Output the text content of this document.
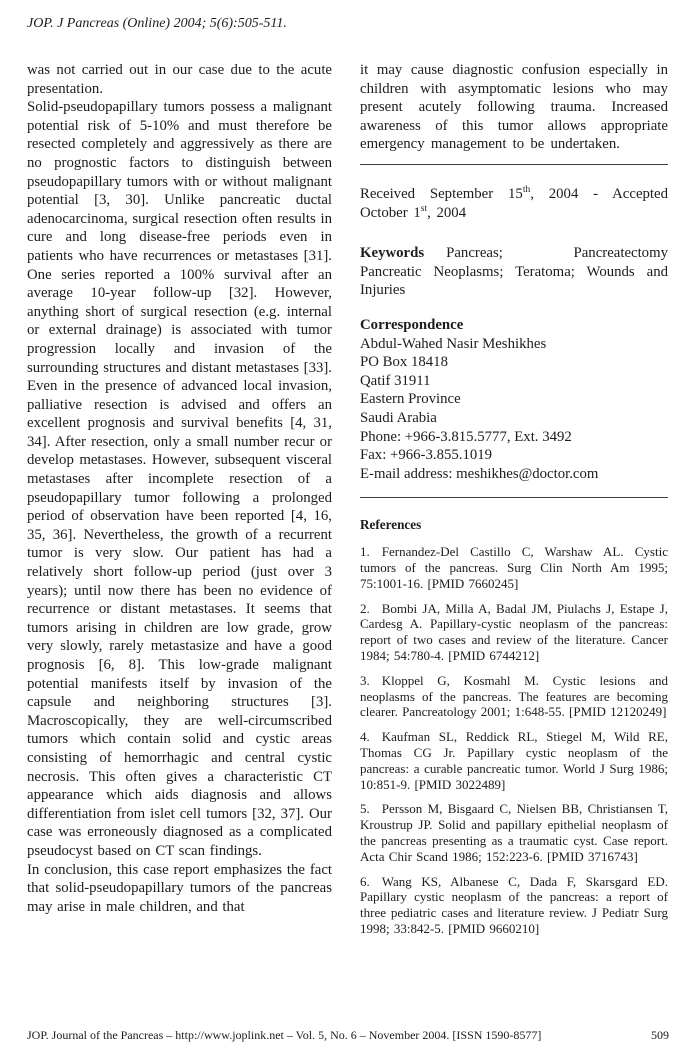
JOP. J Pancreas (Online) 2004; 5(6):505-511.

was not carried out in our case due to the acute presentation.

Solid-pseudopapillary tumors possess a malignant potential risk of 5-10% and must therefore be resected completely and aggressively as there are no prognostic factors to distinguish between pseudopapillary tumors with or without malignant potential [3, 30]. Unlike pancreatic ductal adenocarcinoma, surgical resection often results in cure and long disease-free periods even in patients who have recurrences or metastases [31]. One series reported a 100% survival after an average 10-year follow-up [32]. However, anything short of surgical resection (e.g. internal or external drainage) is associated with tumor progression locally and invasion of the surrounding structures and distant metastases [33]. Even in the presence of advanced local invasion, palliative resection is advised and offers an excellent prognosis and survival benefits [4, 31, 34]. After resection, only a small number recur or develop metastases. However, subsequent visceral metastases after incomplete resection of a pseudopapillary tumor following a prolonged period of observation have been reported [4, 16, 35, 36]. Nevertheless, the growth of a recurrent tumor is very slow. Our patient has had a relatively short follow-up period (just over 3 years); until now there has been no evidence of recurrence or distant metastases. It seems that tumors arising in children are low grade, grow very slowly, rarely metastasize and have a good prognosis [6, 8]. This low-grade malignant potential manifests itself by invasion of the capsule and neighboring structures [3]. Macroscopically, they are well-circumscribed tumors which contain solid and cystic areas consisting of hemorrhagic and central cystic necrosis. This often gives a characteristic CT appearance which aids diagnosis and allows differentiation from islet cell tumors [32, 37]. Our case was erroneously diagnosed as a complicated pseudocyst based on CT scan findings.

In conclusion, this case report emphasizes the fact that solid-pseudopapillary tumors of the pancreas may arise in male children, and that

it may cause diagnostic confusion especially in children with asymptomatic lesions who may present acutely following trauma. Increased awareness of this tumor allows appropriate emergency management to be undertaken.

Received September 15th, 2004 - Accepted October 1st, 2004

Keywords Pancreas; Pancreatectomy Pancreatic Neoplasms; Teratoma; Wounds and Injuries

Correspondence
Abdul-Wahed Nasir Meshikhes
PO Box 18418
Qatif 31911
Eastern Province
Saudi Arabia
Phone: +966-3.815.5777, Ext. 3492
Fax: +966-3.855.1019
E-mail address: meshikhes@doctor.com
References

1. Fernandez-Del Castillo C, Warshaw AL. Cystic tumors of the pancreas. Surg Clin North Am 1995; 75:1001-16. [PMID 7660245]

2. Bombi JA, Milla A, Badal JM, Piulachs J, Estape J, Cardesg A. Papillary-cystic neoplasm of the pancreas: report of two cases and review of the literature. Cancer 1984; 54:780-4. [PMID 6744212]

3. Kloppel G, Kosmahl M. Cystic lesions and neoplasms of the pancreas. The features are becoming clearer. Pancreatology 2001; 1:648-55. [PMID 12120249]

4. Kaufman SL, Reddick RL, Stiegel M, Wild RE, Thomas CG Jr. Papillary cystic neoplasm of the pancreas: a curable pancreatic tumor. World J Surg 1986; 10:851-9. [PMID 3022489]

5. Persson M, Bisgaard C, Nielsen BB, Christiansen T, Kroustrup JP. Solid and papillary epithelial neoplasm of the pancreas presenting as a traumatic cyst. Case report. Acta Chir Scand 1986; 152:223-6. [PMID 3716743]

6. Wang KS, Albanese C, Dada F, Skarsgard ED. Papillary cystic neoplasm of the pancreas: a report of three pediatric cases and literature review. J Pediatr Surg 1998; 33:842-5. [PMID 9660210]

JOP. Journal of the Pancreas – http://www.joplink.net – Vol. 5, No. 6 – November 2004. [ISSN 1590-8577]	509
